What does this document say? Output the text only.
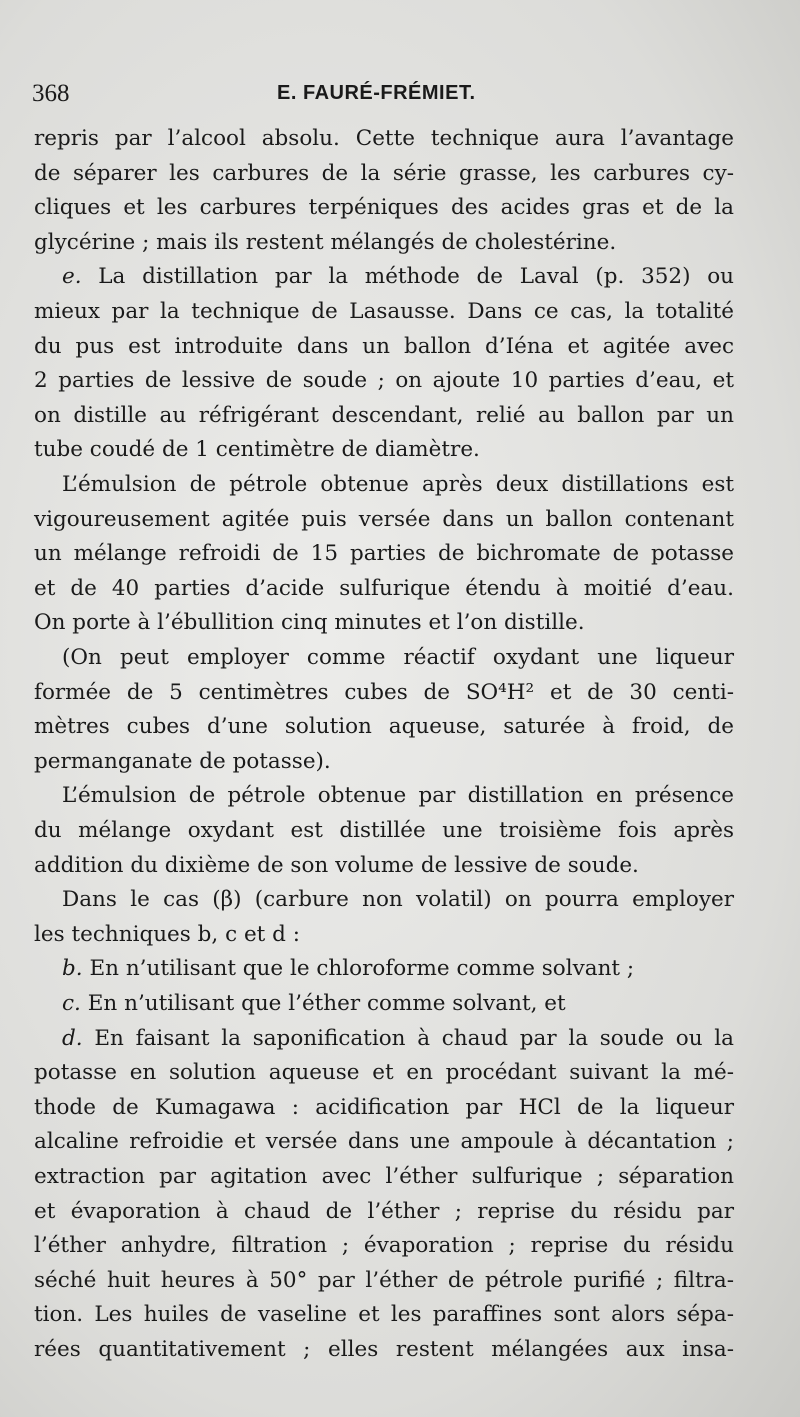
368	E. FAURÉ-FRÉMIET.
repris par l’alcool absolu. Cette technique aura l’avantage
de séparer les carbures de la série grasse, les carbures cy-
cliques et les carbures terpéniques des acides gras et de la
glycérine ; mais ils restent mélangés de cholestérine.
e. La distillation par la méthode de Laval (p. 352) ou
mieux par la technique de Lasausse. Dans ce cas, la totalité
du pus est introduite dans un ballon d’Iéna et agitée avec
2 parties de lessive de soude ; on ajoute 10 parties d’eau, et
on distille au réfrigérant descendant, relié au ballon par un
tube coudé de 1 centimètre de diamètre.
L’émulsion de pétrole obtenue après deux distillations est
vigoureusement agitée puis versée dans un ballon contenant
un mélange refroidi de 15 parties de bichromate de potasse
et de 40 parties d’acide sulfurique étendu à moitié d’eau.
On porte à l’ébullition cinq minutes et l’on distille.
(On peut employer comme réactif oxydant une liqueur
formée de 5 centimètres cubes de SO⁴H² et de 30 centi-
mètres cubes d’une solution aqueuse, saturée à froid, de
permanganate de potasse).
L’émulsion de pétrole obtenue par distillation en présence
du mélange oxydant est distillée une troisième fois après
addition du dixième de son volume de lessive de soude.
Dans le cas (β) (carbure non volatil) on pourra employer
les techniques b, c et d :
b. En n’utilisant que le chloroforme comme solvant ;
c. En n’utilisant que l’éther comme solvant, et
d. En faisant la saponification à chaud par la soude ou la
potasse en solution aqueuse et en procédant suivant la mé-
thode de Kumagawa : acidification par HCl de la liqueur
alcaline refroidie et versée dans une ampoule à décantation ;
extraction par agitation avec l’éther sulfurique ; séparation
et évaporation à chaud de l’éther ; reprise du résidu par
l’éther anhydre, filtration ; évaporation ; reprise du résidu
séché huit heures à 50° par l’éther de pétrole purifié ; filtra-
tion. Les huiles de vaseline et les paraffines sont alors sépa-
rées quantitativement ; elles restent mélangées aux insa-
